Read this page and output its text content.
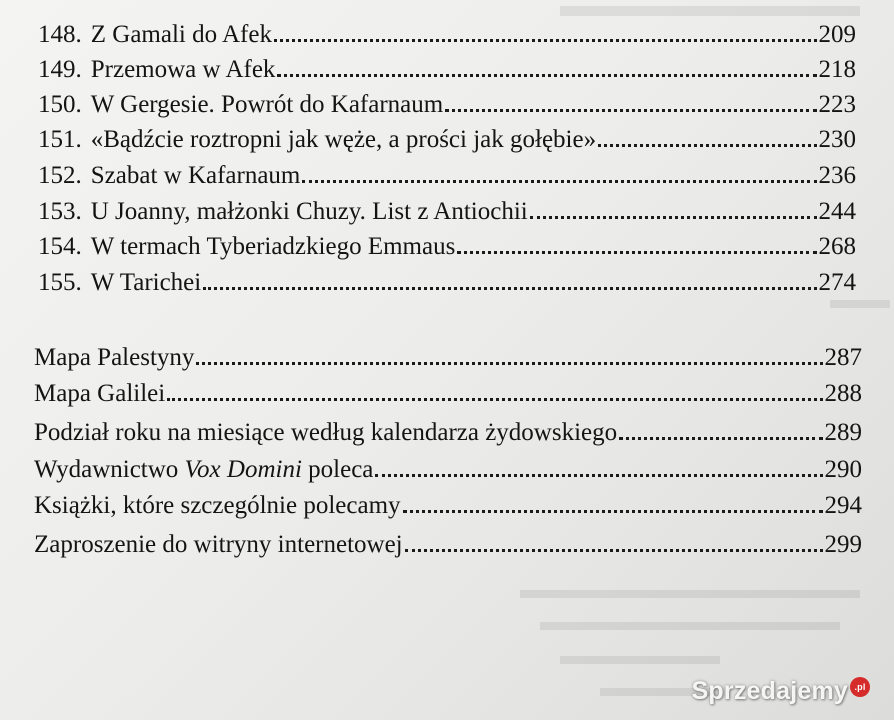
148. Z Gamali do Afek	209
149. Przemowa w Afek	218
150. W Gergesie. Powrót do Kafarnaum	223
151. «Bądźcie roztropni jak węże, a prości jak gołębie»	230
152. Szabat w Kafarnaum	236
153. U Joanny, małżonki Chuzy. List z Antiochii	244
154. W termach Tyberiadzkiego Emmaus	268
155. W Tarichei	274
Mapa Palestyny	287
Mapa Galilei	288
Podział roku na miesiące według kalendarza żydowskiego	289
Wydawnictwo Vox Domini poleca	290
Książki, które szczególnie polecamy	294
Zaproszenie do witryny internetowej	299
Sprzedajemy .pl
